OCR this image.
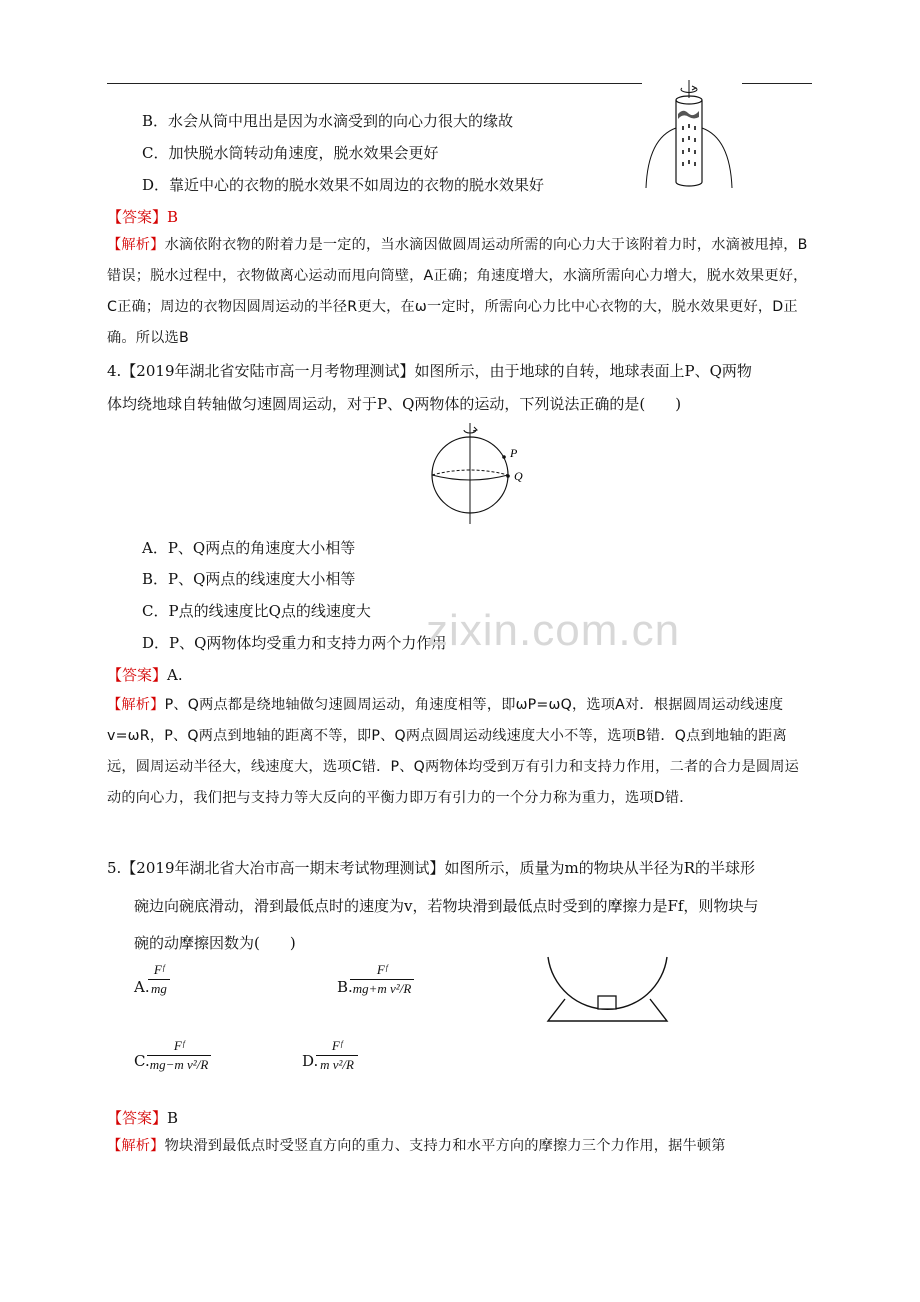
B．水会从筒中甩出是因为水滴受到的向心力很大的缘故
C．加快脱水筒转动角速度，脱水效果会更好
D．靠近中心的衣物的脱水效果不如周边的衣物的脱水效果好
【答案】B
【解析】水滴依附衣物的附着力是一定的，当水滴因做圆周运动所需的向心力大于该附着力时，水滴被甩掉，B错误；脱水过程中，衣物做离心运动而甩向筒壁，A正确；角速度增大，水滴所需向心力增大，脱水效果更好，C正确；周边的衣物因圆周运动的半径R更大，在ω一定时，所需向心力比中心衣物的大，脱水效果更好，D正确。所以选B
4.【2019年湖北省安陆市高一月考物理测试】如图所示，由于地球的自转，地球表面上P、Q两物
体均绕地球自转轴做匀速圆周运动，对于P、Q两物体的运动，下列说法正确的是(　　)
P
Q
A．P、Q两点的角速度大小相等
B．P、Q两点的线速度大小相等
C．P点的线速度比Q点的线速度大
D．P、Q两物体均受重力和支持力两个力作用
zixin.com.cn
【答案】A.
【解析】P、Q两点都是绕地轴做匀速圆周运动，角速度相等，即ωP=ωQ，选项A对．根据圆周运动线速度v=ωR，P、Q两点到地轴的距离不等，即P、Q两点圆周运动线速度大小不等，选项B错．Q点到地轴的距离远，圆周运动半径大，线速度大，选项C错．P、Q两物体均受到万有引力和支持力作用，二者的合力是圆周运动的向心力，我们把与支持力等大反向的平衡力即万有引力的一个分力称为重力，选项D错．
5.【2019年湖北省大冶市高一期末考试物理测试】如图所示，质量为m的物块从半径为R的半球形
碗边向碗底滑动，滑到最低点时的速度为v，若物块滑到最低点时受到的摩擦力是Ff，则物块与
碗的动摩擦因数为(　　)
A.
Fᶠ
mg	B.
Fᶠ
mg+m v²/R
C.
Fᶠ
mg−m v²/R	D.
Fᶠ
m v²/R
【答案】B
【解析】物块滑到最低点时受竖直方向的重力、支持力和水平方向的摩擦力三个力作用，据牛顿第
